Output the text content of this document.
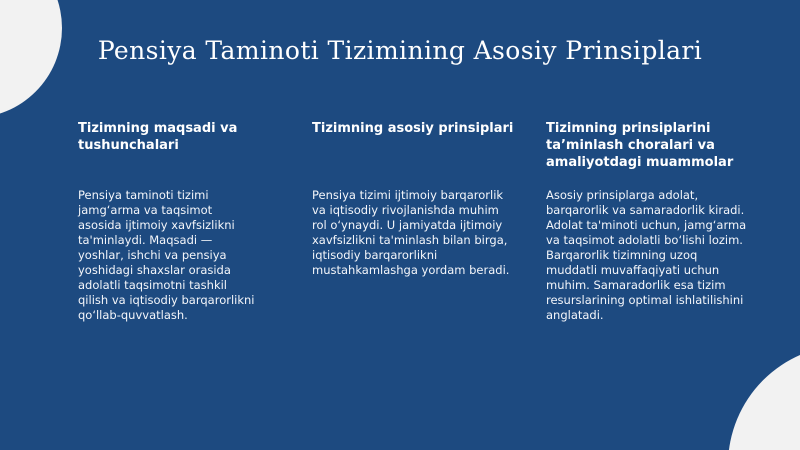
Pensiya Taminoti Tizimining Asosiy Prinsiplari

Tizimning maqsadi va tushunchalari

Pensiya taminoti tizimi jamg‘arma va taqsimot asosida ijtimoiy xavfsizlikni ta'minlaydi. Maqsadi — yoshlar, ishchi va pensiya yoshidagi shaxslar orasida adolatli taqsimotni tashkil qilish va iqtisodiy barqarorlikni qo‘llab-quvvatlash.

Tizimning asosiy prinsiplari

Pensiya tizimi ijtimoiy barqarorlik va iqtisodiy rivojlanishda muhim rol o‘ynaydi. U jamiyatda ijtimoiy xavfsizlikni ta'minlash bilan birga, iqtisodiy barqarorlikni mustahkamlashga yordam beradi.

Tizimning prinsiplarini ta’minlash choralari va amaliyotdagi muammolar

Asosiy prinsiplarga adolat, barqarorlik va samaradorlik kiradi. Adolat ta'minoti uchun, jamg‘arma va taqsimot adolatli bo‘lishi lozim. Barqarorlik tizimning uzoq muddatli muvaffaqiyati uchun muhim. Samaradorlik esa tizim resurslarining optimal ishlatilishini anglatadi.
